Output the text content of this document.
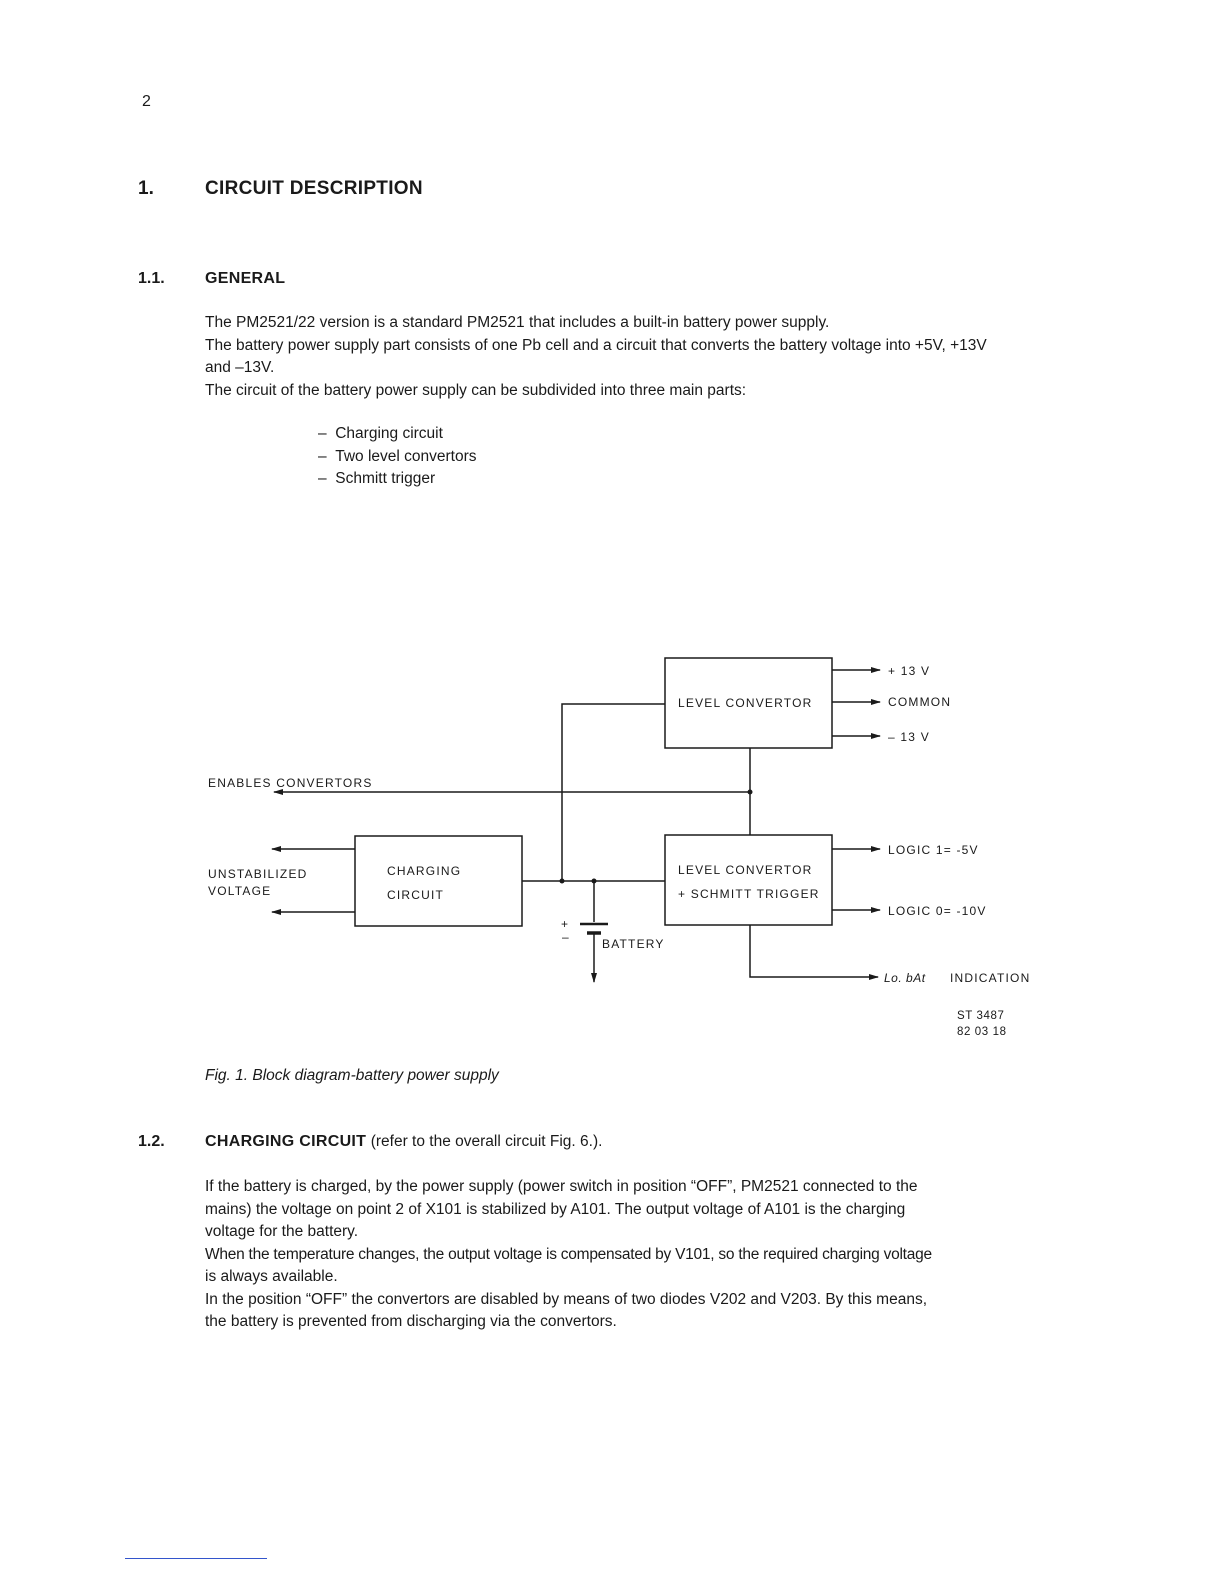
2
1.	CIRCUIT DESCRIPTION
1.1.	GENERAL

The PM2521/22 version is a standard PM2521 that includes a built-in battery power supply.

The battery power supply part consists of one Pb cell and a circuit that converts the battery voltage into +5V, +13V and –13V.

The circuit of the battery power supply can be subdivided into three main parts:

–  Charging circuit
–  Two level convertors
–  Schmitt trigger
LEVEL CONVERTOR
+ 13 V
COMMON
– 13 V
ENABLES CONVERTORS
CHARGING
CIRCUIT
UNSTABILIZED
VOLTAGE
+
–	BATTERY
LEVEL CONVERTOR
+ SCHMITT TRIGGER
LOGIC 1= -5V
LOGIC 0= -10V
Lo. bAt INDICATION
ST 3487
82 03 18
Fig. 1. Block diagram-battery power supply
1.2.	CHARGING CIRCUIT (refer to the overall circuit Fig. 6.).

If the battery is charged, by the power supply (power switch in position “OFF”, PM2521 connected to the

mains) the voltage on point 2 of X101 is stabilized by A101. The output voltage of A101 is the charging

voltage for the battery.

When the temperature changes, the output voltage is compensated by V101, so the required charging voltage

is always available.

In the position “OFF” the convertors are disabled by means of two diodes V202 and V203. By this means,

the battery is prevented from discharging via the convertors.
